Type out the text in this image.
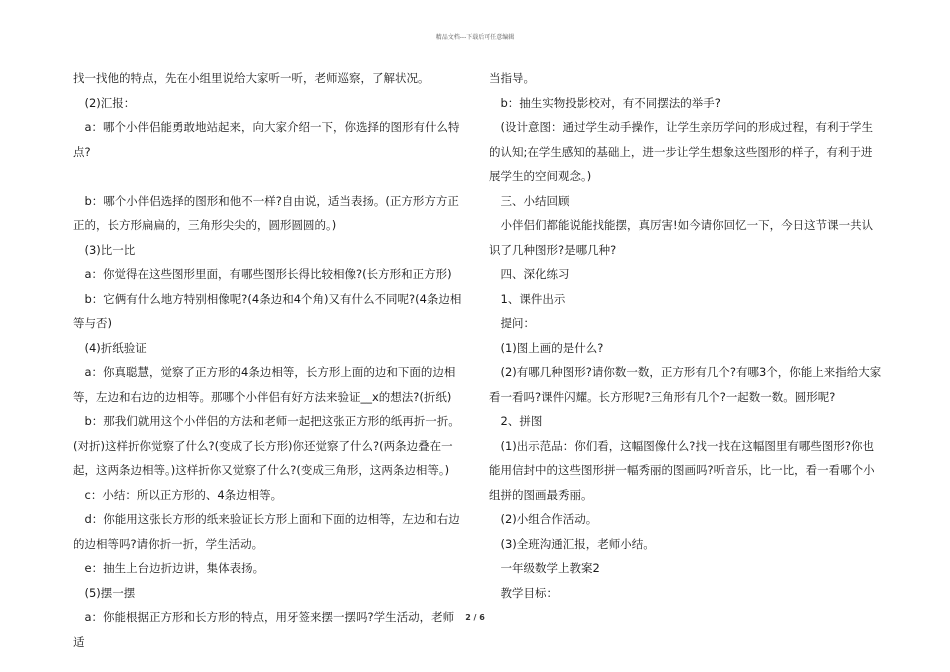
精品文档---下载后可任意编辑

找一找他的特点，先在小组里说给大家听一听，老师巡察，了解状况。

　(2)汇报：

　a：哪个小伴侣能勇敢地站起来，向大家介绍一下，你选择的图形有什么特点?

　b：哪个小伴侣选择的图形和他不一样?自由说，适当表扬。(正方形方方正正的，长方形扁扁的，三角形尖尖的，圆形圆圆的。)

　(3)比一比

　a：你觉得在这些图形里面，有哪些图形长得比较相像?(长方形和正方形)

　b：它俩有什么地方特别相像呢?(4条边和4个角)又有什么不同呢?(4条边相等与否)

　(4)折纸验证

　a：你真聪慧，觉察了正方形的4条边相等，长方形上面的边和下面的边相等，左边和右边的边相等。那哪个小伴侣有好方法来验证__x的想法?(折纸)

　b：那我们就用这个小伴侣的方法和老师一起把这张正方形的纸再折一折。(对折)这样折你觉察了什么?(变成了长方形)你还觉察了什么?(两条边叠在一起，这两条边相等。)这样折你又觉察了什么?(变成三角形，这两条边相等。)

　c：小结：所以正方形的、4条边相等。

　d：你能用这张长方形的纸来验证长方形上面和下面的边相等，左边和右边的边相等吗?请你折一折，学生活动。

　e：抽生上台边折边讲，集体表扬。

　(5)摆一摆

　a：你能根据正方形和长方形的特点，用牙签来摆一摆吗?学生活动，老师适

当指导。

　b：抽生实物投影校对，有不同摆法的举手?

　(设计意图：通过学生动手操作，让学生亲历学问的形成过程，有利于学生的认知;在学生感知的基础上，进一步让学生想象这些图形的样子，有利于进展学生的空间观念。)

　三、小结回顾

　小伴侣们都能说能找能摆，真厉害!如今请你回忆一下，今日这节课一共认识了几种图形?是哪几种?

　四、深化练习

　1、课件出示

　提问：

　(1)图上画的是什么?

　(2)有哪几种图形?请你数一数，正方形有几个?有哪3个，你能上来指给大家看一看吗?课件闪耀。长方形呢?三角形有几个?一起数一数。圆形呢?

　2、拼图

　(1)出示范品：你们看，这幅图像什么?找一找在这幅图里有哪些图形?你也能用信封中的这些图形拼一幅秀丽的图画吗?听音乐，比一比，看一看哪个小组拼的图画最秀丽。

　(2)小组合作活动。

　(3)全班沟通汇报，老师小结。

　一年级数学上教案2

　教学目标：

2 / 6
